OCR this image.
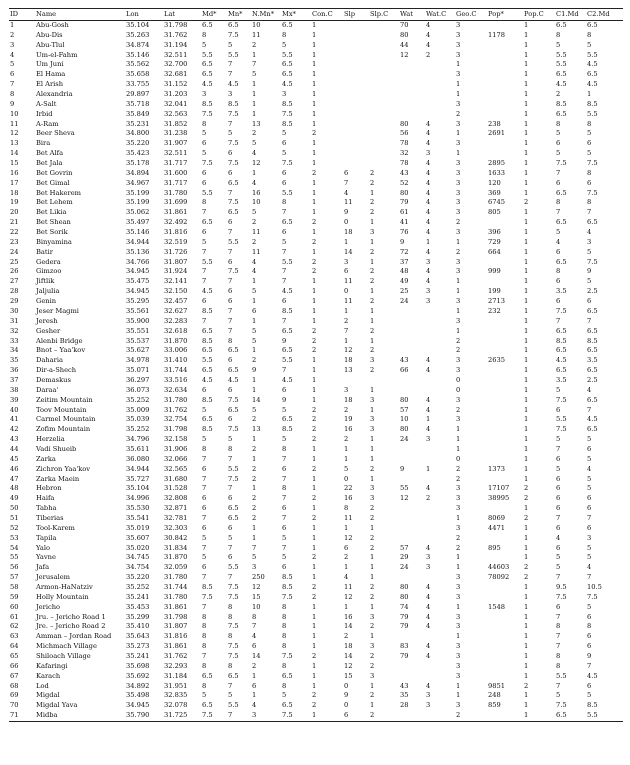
ID	Name	Lon	Lat	Md*	Mn*	N.Mn*	Mx*	Con.C	Slp	Slp.C	Wat	Wat.C	Geo.C	Pop*	Pop.C	C1.Md	C2.Md
1	Abu-Gosh	35.104	31.798	6.5	6.5	10	6.5	1			70	4	3		1	6.5	6.5
2	Abu-Dis	35.263	31.762	8	7.5	11	8	1			80	4	3	1178	1	8	8
3	Abu-Tlul	34.874	31.194	5	5	2	5	1			44	4	3		1	5	5
4	Um-el-Fahm	35.146	32.511	5.5	5.5	1	5.5	1			12	2	3		1	5.5	5.5
5	Um Juni	35.562	32.700	6.5	7	7	6.5	1					1		1	5.5	4.5
6	El Hama	35.658	32.681	6.5	7	5	6.5	1					3		1	6.5	6.5
7	El Arish	33.755	31.152	4.5	4.5	1	4.5	1					1		1	4.5	4.5
8	Alexandria	29.897	31.203	3	3	1	3	1					1		1	2	1
9	A-Salt	35.718	32.041	8.5	8.5	1	8.5	1					3		1	8.5	8.5
10	Irbid	35.849	32.563	7.5	7.5	1	7.5	1					2		1	6.5	5.5
11	A-Ram	35.231	31.852	8	7	13	8.5	1			80	4	3	238	1	8	8
12	Beer Sheva	34.800	31.238	5	5	2	5	2			56	4	1	2691	1	5	5
13	Bira	35.220	31.907	6	7.5	5	6	1			78	4	3		1	6	6
14	Bet Alfa	35.423	32.511	5	6	4	5	1			32	3	1		1	5	5
15	Bet Jala	35.178	31.717	7.5	7.5	12	7.5	1			78	4	3	2895	1	7.5	7.5
16	Bet Govrin	34.894	31.600	6	6	1	6	2	6	2	43	4	3	1633	1	7	8
17	Bet Gimal	34.967	31.717	6	6.5	4	6	1	7	2	52	4	3	120	1	6	6
18	Bet Hakerem	35.199	31.780	5.5	7	16	5.5	1	4	1	80	4	3	369	1	6.5	7.5
19	Bet Lehem	35.199	31.699	8	7.5	10	8	1	11	2	79	4	3	6745	2	8	8
20	Bet Likia	35.062	31.861	7	6.5	5	7	1	9	2	61	4	3	805	1	7	7
21	Bet Shean	35.497	32.492	6.5	6	2	6.5	2	0	1	41	4	2		1	6.5	6.5
22	Bet Sorik	35.146	31.816	6	7	11	6	1	18	3	76	4	3	396	1	5	4
23	Binyamina	34.944	32.519	5	5.5	2	5	2	1	1	9	1	1	729	1	4	3
24	Batir	35.136	31.726	7	7	11	7	1	14	2	72	4	2	664	1	6	5
25	Gedera	34.766	31.807	5.5	6	4	5.5	2	3	1	37	3	3		1	6.5	7.5
26	Gimzoo	34.945	31.924	7	7.5	4	7	2	6	2	48	4	3	999	1	8	9
27	Jiftlik	35.475	32.141	7	7	1	7	1	11	2	49	4	1		1	6	5
28	Jaljulia	34.945	32.150	4.5	6	5	4.5	1	0	1	25	3	1	199	1	3.5	2.5
29	Genin	35.295	32.457	6	6	1	6	1	11	2	24	3	3	2713	1	6	6
30	Jeser Magmi	35.561	32.627	8.5	7	6	8.5	1	1	1			1	232	1	7.5	6.5
31	Jeresh	35.900	32.283	7	7	1	7	1	2	1			3		1	7	7
32	Gesher	35.551	32.618	6.5	7	5	6.5	2	7	2			1		1	6.5	6.5
33	Alenbi Bridge	35.537	31.870	8.5	8	5	9	2	1	1			2		1	8.5	8.5
34	Bnot – Yaa'kov	35.627	33.006	6.5	6.5	1	6.5	2	12	2			2		1	6.5	6.5
35	Daharia	34.978	31.410	5.5	6	2	5.5	1	18	3	43	4	3	2635	1	4.5	3.5
36	Dir-a-Shech	35.071	31.744	6.5	6.5	9	7	1	13	2	66	4	3		1	6.5	6.5
37	Demaskus	36.297	33.516	4.5	4.5	1	4.5	1					0		1	3.5	2.5
38	Daraa'	36.073	32.634	6	6	1	6	1	3	1			0		1	5	4
39	Zeitim Mountain	35.252	31.780	8.5	7.5	14	9	1	18	3	80	4	3		1	7.5	6.5
40	Toov Mountain	35.009	31.762	5	6.5	5	5	2	2	1	57	4	2		1	6	7
41	Carmel Mountain	35.039	32.754	6.5	6	2	6.5	2	19	3	10	1	3		1	5.5	4.5
42	Zofim Mountain	35.252	31.798	8.5	7.5	13	8.5	2	16	3	80	4	1		1	7.5	6.5
43	Herzelia	34.796	32.158	5	5	1	5	2	2	1	24	3	1		1	5	5
44	Vadi Shueib	35.611	31.906	8	8	2	8	1	1	1			1		1	7	6
45	Zarka	36.080	32.066	7	7	1	7	1	1	1			0		1	6	5
46	Zichron Yaa'kov	34.944	32.565	6	5.5	2	6	2	5	2	9	1	2	1373	1	5	4
47	Zarka Maein	35.727	31.680	7	7.5	2	7	1	0	1			2		1	6	5
48	Hebron	35.104	31.528	7	7	1	8	1	22	3	55	4	3	17107	2	6	5
49	Haifa	34.996	32.808	6	6	2	7	2	16	3	12	2	3	38995	2	6	6
50	Tabha	35.530	32.871	6	6.5	2	6	1	8	2			3		1	6	6
51	Tiberias	35.541	32.781	7	6.5	2	7	2	11	2			1	8069	2	7	7
52	Tool-Karem	35.019	32.303	6	6	1	6	1	1	1			3	4471	1	6	6
53	Tapila	35.607	30.842	5	5	1	5	1	12	2			2		1	4	3
54	Yalo	35.020	31.834	7	7	7	7	1	6	2	57	4	2	895	1	6	5
55	Yavne	34.745	31.870	5	6	5	5	2	2	1	29	3	1		1	5	5
56	Jafa	34.754	32.059	6	5.5	3	6	1	1	1	24	3	1	44603	2	5	4
57	Jerusalem	35.220	31.780	7	7	250	8.5	1	4	1			3	78092	2	7	7
58	Armon-HaNatziv	35.252	31.744	8.5	7.5	12	8.5	2	11	2	80	4	3		1	9.5	10.5
59	Holly Mountain	35.241	31.780	7.5	7.5	15	7.5	2	12	2	80	4	3		1	7.5	7.5
60	Jericho	35.453	31.861	7	8	10	8	1	1	1	74	4	1	1548	1	6	5
61	Jru. – Jericho Road 1	35.299	31.798	8	8	8	8	1	16	3	79	4	3		1	7	6
62	Jre. – Jericho Road 2	35.410	31.807	8	7.5	7	8	1	14	2	79	4	3		1	8	8
63	Amman – Jordan Road	35.643	31.816	8	8	4	8	1	2	1			1		1	7	6
64	Michmach Village	35.273	31.861	8	7.5	6	8	1	18	3	83	4	3		1	7	6
65	Shiloach Village	35.241	31.762	7	7.5	14	7.5	2	14	2	79	4	3		1	8	9
66	Kafaringi	35.698	32.293	8	8	2	8	1	12	2			3		1	8	7
67	Karach	35.692	31.184	6.5	6.5	1	6.5	1	15	3			3		1	5.5	4.5
68	Lod	34.892	31.951	8	7	6	8	1	0	1	43	4	1	9851	2	7	6
69	Migdal	35.498	32.835	5	5	1	5	2	9	2	35	3	1	248	1	5	5
70	Migdal Yava	34.945	32.078	6.5	5.5	4	6.5	2	0	1	28	3	3	859	1	7.5	8.5
71	Midba	35.790	31.725	7.5	7	3	7.5	1	6	2			2		1	6.5	5.5
